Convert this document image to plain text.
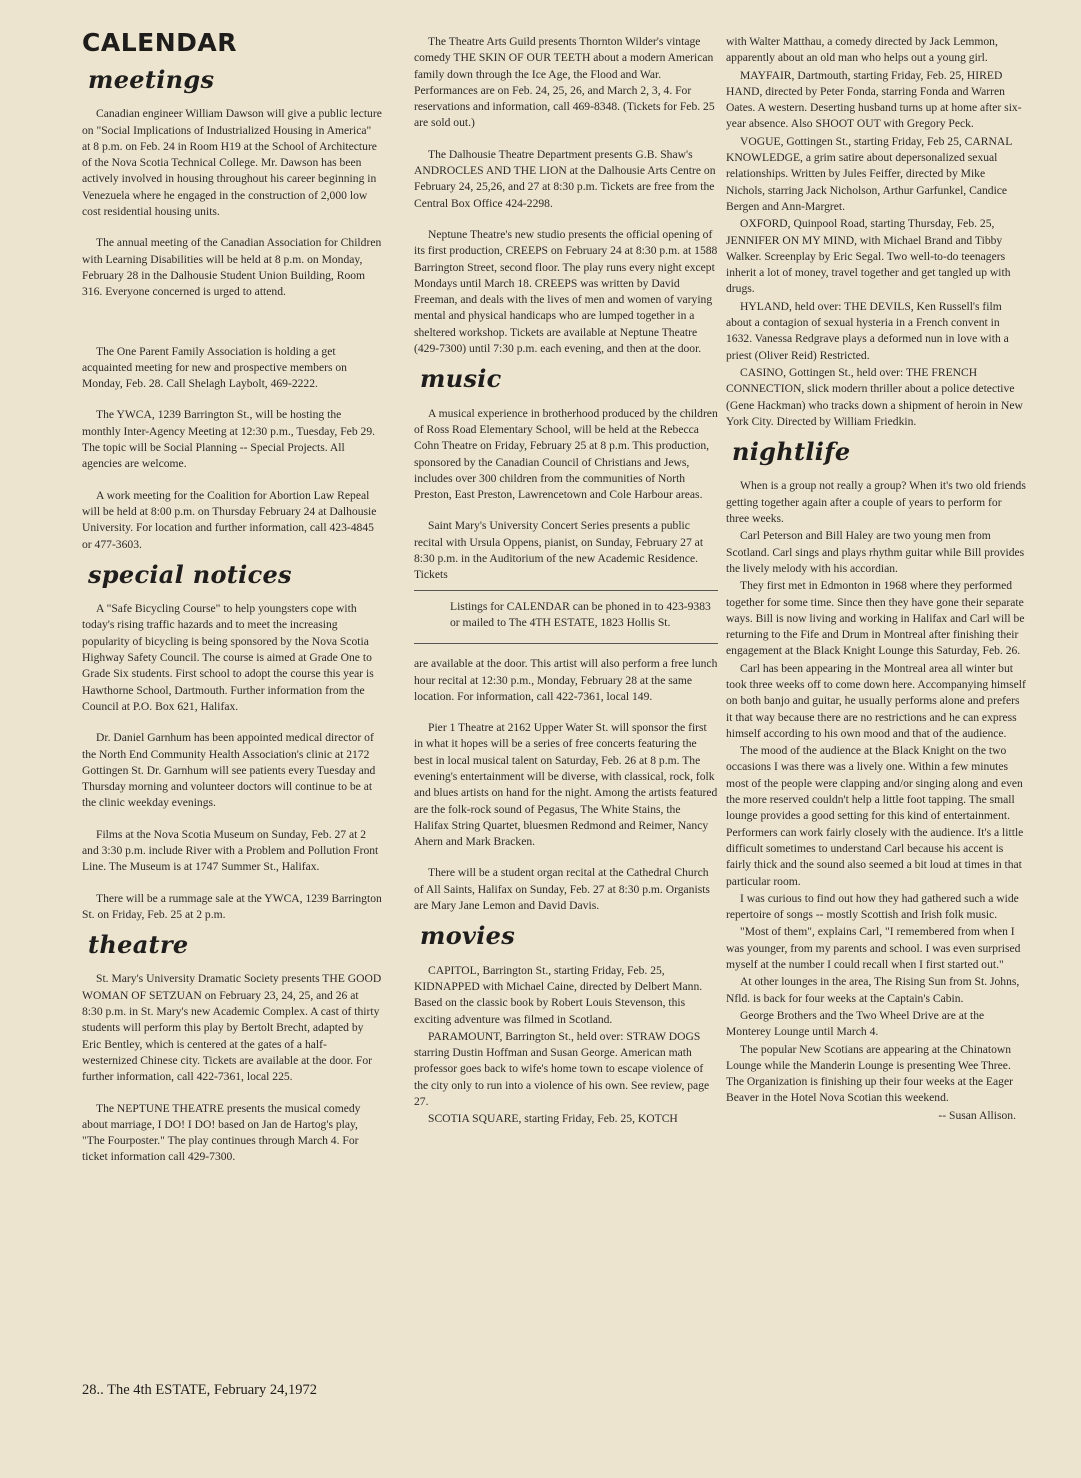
CALENDAR
meetings

Canadian engineer William Dawson will give a public lecture on "Social Implications of Industrialized Housing in America" at 8 p.m. on Feb. 24 in Room H19 at the School of Architecture of the Nova Scotia Technical College. Mr. Dawson has been actively involved in housing throughout his career beginning in Venezuela where he engaged in the construction of 2,000 low cost residential housing units.

The annual meeting of the Canadian Association for Children with Learning Disabilities will be held at 8 p.m. on Monday, February 28 in the Dalhousie Student Union Building, Room 316. Everyone concerned is urged to attend.

The One Parent Family Association is holding a get acquainted meeting for new and prospective members on Monday, Feb. 28. Call Shelagh Laybolt, 469-2222.

The YWCA, 1239 Barrington St., will be hosting the monthly Inter-Agency Meeting at 12:30 p.m., Tuesday, Feb 29. The topic will be Social Planning -- Special Projects. All agencies are welcome.

A work meeting for the Coalition for Abortion Law Repeal will be held at 8:00 p.m. on Thursday February 24 at Dalhousie University. For location and further information, call 423-4845 or 477-3603.

special notices

A "Safe Bicycling Course" to help youngsters cope with today's rising traffic hazards and to meet the increasing popularity of bicycling is being sponsored by the Nova Scotia Highway Safety Council. The course is aimed at Grade One to Grade Six students. First school to adopt the course this year is Hawthorne School, Dartmouth. Further information from the Council at P.O. Box 621, Halifax.

Dr. Daniel Garnhum has been appointed medical director of the North End Community Health Association's clinic at 2172 Gottingen St. Dr. Garnhum will see patients every Tuesday and Thursday morning and volunteer doctors will continue to be at the clinic weekday evenings.

Films at the Nova Scotia Museum on Sunday, Feb. 27 at 2 and 3:30 p.m. include River with a Problem and Pollution Front Line. The Museum is at 1747 Summer St., Halifax.

There will be a rummage sale at the YWCA, 1239 Barrington St. on Friday, Feb. 25 at 2 p.m.

theatre

St. Mary's University Dramatic Society presents THE GOOD WOMAN OF SETZUAN on February 23, 24, 25, and 26 at 8:30 p.m. in St. Mary's new Academic Complex. A cast of thirty students will perform this play by Bertolt Brecht, adapted by Eric Bentley, which is centered at the gates of a half-westernized Chinese city. Tickets are available at the door. For further information, call 422-7361, local 225.

The NEPTUNE THEATRE presents the musical comedy about marriage, I DO! I DO! based on Jan de Hartog's play, "The Fourposter." The play continues through March 4. For ticket information call 429-7300.

The Theatre Arts Guild presents Thornton Wilder's vintage comedy THE SKIN OF OUR TEETH about a modern American family down through the Ice Age, the Flood and War. Performances are on Feb. 24, 25, 26, and March 2, 3, 4. For reservations and information, call 469-8348. (Tickets for Feb. 25 are sold out.)

The Dalhousie Theatre Department presents G.B. Shaw's ANDROCLES AND THE LION at the Dalhousie Arts Centre on February 24, 25,26, and 27 at 8:30 p.m. Tickets are free from the Central Box Office 424-2298.

Neptune Theatre's new studio presents the official opening of its first production, CREEPS on February 24 at 8:30 p.m. at 1588 Barrington Street, second floor. The play runs every night except Mondays until March 18. CREEPS was written by David Freeman, and deals with the lives of men and women of varying mental and physical handicaps who are lumped together in a sheltered workshop. Tickets are available at Neptune Theatre (429-7300) until 7:30 p.m. each evening, and then at the door.

music

A musical experience in brotherhood produced by the children of Ross Road Elementary School, will be held at the Rebecca Cohn Theatre on Friday, February 25 at 8 p.m. This production, sponsored by the Canadian Council of Christians and Jews, includes over 300 children from the communities of North Preston, East Preston, Lawrencetown and Cole Harbour areas.

Saint Mary's University Concert Series presents a public recital with Ursula Oppens, pianist, on Sunday, February 27 at 8:30 p.m. in the Auditorium of the new Academic Residence. Tickets

Listings for CALENDAR can be phoned in to 423-9383 or mailed to The 4TH ESTATE, 1823 Hollis St.

are available at the door. This artist will also perform a free lunch hour recital at 12:30 p.m., Monday, February 28 at the same location. For information, call 422-7361, local 149.

Pier 1 Theatre at 2162 Upper Water St. will sponsor the first in what it hopes will be a series of free concerts featuring the best in local musical talent on Saturday, Feb. 26 at 8 p.m. The evening's entertainment will be diverse, with classical, rock, folk and blues artists on hand for the night. Among the artists featured are the folk-rock sound of Pegasus, The White Stains, the Halifax String Quartet, bluesmen Redmond and Reimer, Nancy Ahern and Mark Bracken.

There will be a student organ recital at the Cathedral Church of All Saints, Halifax on Sunday, Feb. 27 at 8:30 p.m. Organists are Mary Jane Lemon and David Davis.

movies

CAPITOL, Barrington St., starting Friday, Feb. 25, KIDNAPPED with Michael Caine, directed by Delbert Mann. Based on the classic book by Robert Louis Stevenson, this exciting adventure was filmed in Scotland.

PARAMOUNT, Barrington St., held over: STRAW DOGS starring Dustin Hoffman and Susan George. American math professor goes back to wife's home town to escape violence of the city only to run into a violence of his own. See review, page 27.

SCOTIA SQUARE, starting Friday, Feb. 25, KOTCH

with Walter Matthau, a comedy directed by Jack Lemmon, apparently about an old man who helps out a young girl.

MAYFAIR, Dartmouth, starting Friday, Feb. 25, HIRED HAND, directed by Peter Fonda, starring Fonda and Warren Oates. A western. Deserting husband turns up at home after six-year absence. Also SHOOT OUT with Gregory Peck.

VOGUE, Gottingen St., starting Friday, Feb 25, CARNAL KNOWLEDGE, a grim satire about depersonalized sexual relationships. Written by Jules Feiffer, directed by Mike Nichols, starring Jack Nicholson, Arthur Garfunkel, Candice Bergen and Ann-Margret.

OXFORD, Quinpool Road, starting Thursday, Feb. 25, JENNIFER ON MY MIND, with Michael Brand and Tibby Walker. Screenplay by Eric Segal. Two well-to-do teenagers inherit a lot of money, travel together and get tangled up with drugs.

HYLAND, held over: THE DEVILS, Ken Russell's film about a contagion of sexual hysteria in a French convent in 1632. Vanessa Redgrave plays a deformed nun in love with a priest (Oliver Reid) Restricted.

CASINO, Gottingen St., held over: THE FRENCH CONNECTION, slick modern thriller about a police detective (Gene Hackman) who tracks down a shipment of heroin in New York City. Directed by William Friedkin.

nightlife

When is a group not really a group? When it's two old friends getting together again after a couple of years to perform for three weeks.

Carl Peterson and Bill Haley are two young men from Scotland. Carl sings and plays rhythm guitar while Bill provides the lively melody with his accordian.

They first met in Edmonton in 1968 where they performed together for some time. Since then they have gone their separate ways. Bill is now living and working in Halifax and Carl will be returning to the Fife and Drum in Montreal after finishing their engagement at the Black Knight Lounge this Saturday, Feb. 26.

Carl has been appearing in the Montreal area all winter but took three weeks off to come down here. Accompanying himself on both banjo and guitar, he usually performs alone and prefers it that way because there are no restrictions and he can express himself according to his own mood and that of the audience.

The mood of the audience at the Black Knight on the two occasions I was there was a lively one. Within a few minutes most of the people were clapping and/or singing along and even the more reserved couldn't help a little foot tapping. The small lounge provides a good setting for this kind of entertainment. Performers can work fairly closely with the audience. It's a little difficult sometimes to understand Carl because his accent is fairly thick and the sound also seemed a bit loud at times in that particular room.

I was curious to find out how they had gathered such a wide repertoire of songs -- mostly Scottish and Irish folk music.

"Most of them", explains Carl, "I remembered from when I was younger, from my parents and school. I was even surprised myself at the number I could recall when I first started out."

At other lounges in the area, The Rising Sun from St. Johns, Nfld. is back for four weeks at the Captain's Cabin.

George Brothers and the Two Wheel Drive are at the Monterey Lounge until March 4.

The popular New Scotians are appearing at the Chinatown Lounge while the Manderin Lounge is presenting Wee Three. The Organization is finishing up their four weeks at the Eager Beaver in the Hotel Nova Scotian this weekend.

-- Susan Allison.

28.. The 4th ESTATE, February 24,1972
